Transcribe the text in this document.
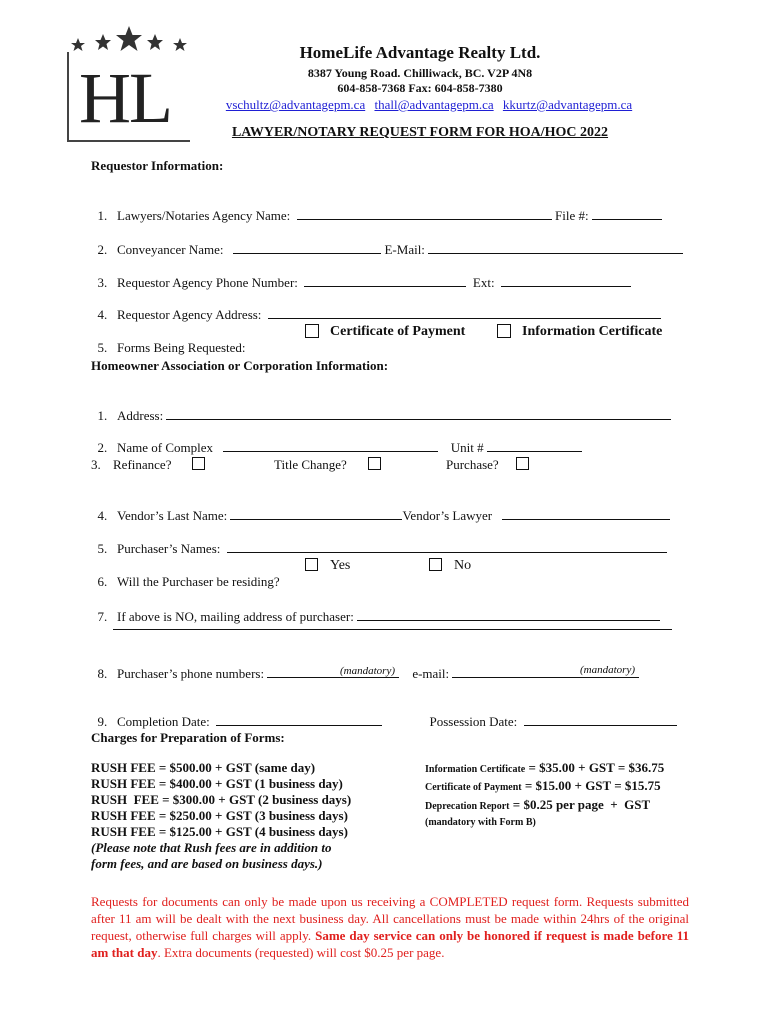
HL
HomeLife Advantage Realty Ltd.
8387 Young Road. Chilliwack, BC. V2P 4N8
604-858-7368 Fax: 604-858-7380
vschultz@advantagepm.ca thall@advantagepm.ca kkurtz@advantagepm.ca
LAWYER/NOTARY REQUEST FORM FOR HOA/HOC 2022
Requestor Information:

1. Lawyers/Notaries Agency Name:	File #:

2. Conveyancer Name:	E-Mail:

3. Requestor Agency Phone Number:	Ext:

4. Requestor Agency Address:

5. Forms Being Requested:

Certificate of Payment	Information Certificate
Homeowner Association or Corporation Information:

1. Address:

2. Name of Complex	Unit #

3. Refinance?	Title Change?	Purchase?

4. Vendor’s Last Name:	Vendor’s Lawyer

5. Purchaser’s Names:

6. Will the Purchaser be residing?

Yes	No

7. If above is NO, mailing address of purchaser:

8. Purchaser’s phone numbers:	e-mail:

(mandatory)	(mandatory)

9. Completion Date:	Possession Date:

Charges for Preparation of Forms:
RUSH FEE = $500.00 + GST (same day)
RUSH FEE = $400.00 + GST (1 business day)
RUSH  FEE = $300.00 + GST (2 business days)
RUSH FEE = $250.00 + GST (3 business days)
RUSH FEE = $125.00 + GST (4 business days)
(Please note that Rush fees are in addition to
form fees, and are based on business days.)
Information Certificate = $35.00 + GST = $36.75
Certificate of Payment = $15.00 + GST = $15.75
Deprecation Report = $0.25 per page  +  GST
(mandatory with Form B)
Requests for documents can only be made upon us receiving a COMPLETED request form. Requests submitted after 11 am will be dealt with the next business day. All cancellations must be made within 24hrs of the original request, otherwise full charges will apply. Same day service can only be honored if request is made before 11 am that day. Extra documents (requested) will cost $0.25 per page.
